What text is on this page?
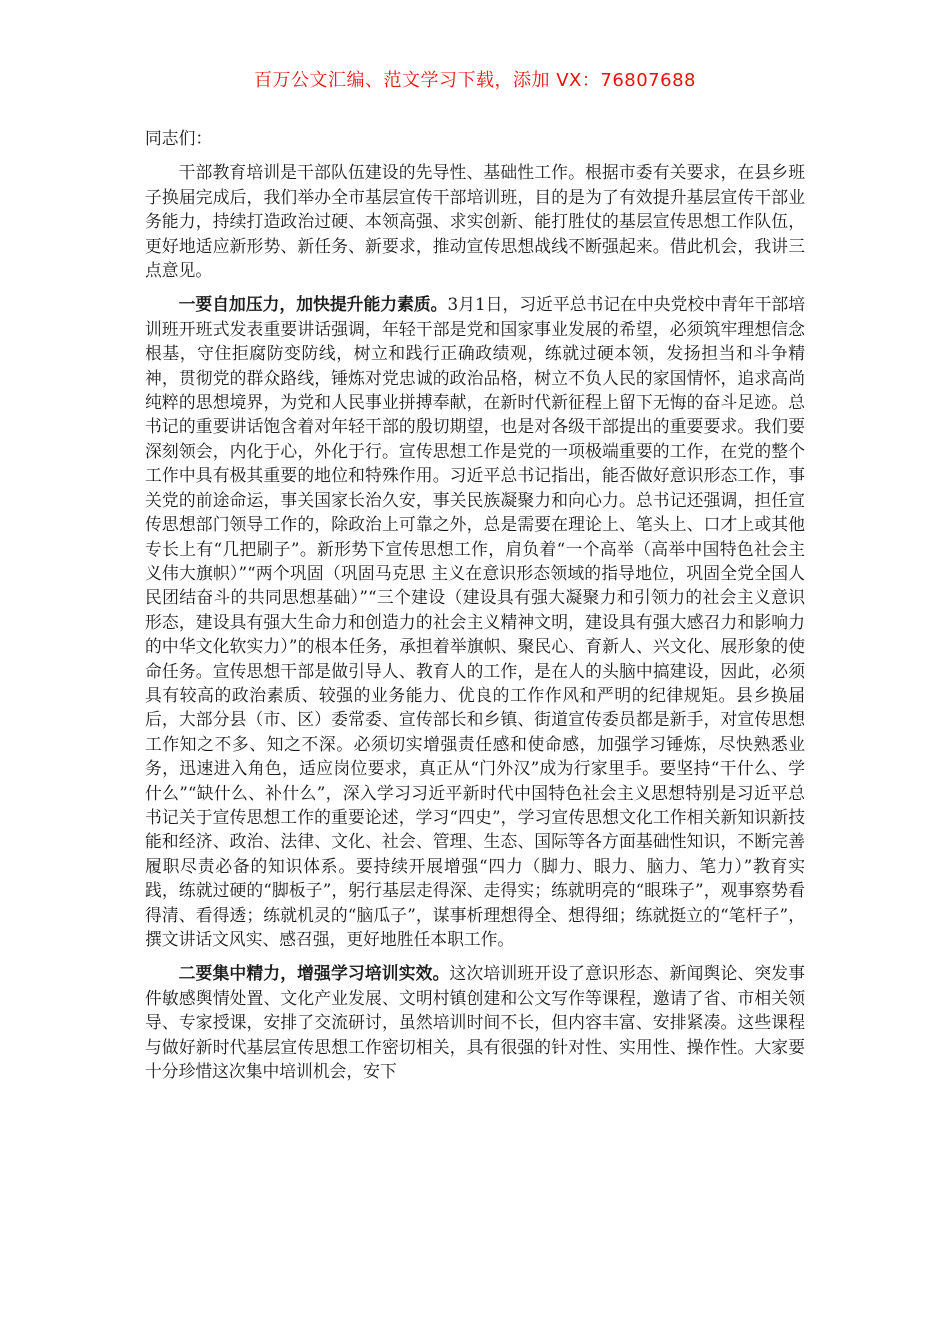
百万公文汇编、范文学习下载，添加 VX：76807688

同志们：

干部教育培训是干部队伍建设的先导性、基础性工作。根据市委有关要求，在县乡班子换届完成后，我们举办全市基层宣传干部培训班，目的是为了有效提升基层宣传干部业务能力，持续打造政治过硬、本领高强、求实创新、能打胜仗的基层宣传思想工作队伍，更好地适应新形势、新任务、新要求，推动宣传思想战线不断强起来。借此机会，我讲三点意见。

一要自加压力，加快提升能力素质。3月1日，习近平总书记在中央党校中青年干部培训班开班式发表重要讲话强调，年轻干部是党和国家事业发展的希望，必须筑牢理想信念根基，守住拒腐防变防线，树立和践行正确政绩观，练就过硬本领，发扬担当和斗争精神，贯彻党的群众路线，锤炼对党忠诚的政治品格，树立不负人民的家国情怀，追求高尚纯粹的思想境界，为党和人民事业拼搏奉献，在新时代新征程上留下无悔的奋斗足迹。总书记的重要讲话饱含着对年轻干部的殷切期望，也是对各级干部提出的重要要求。我们要深刻领会，内化于心，外化于行。宣传思想工作是党的一项极端重要的工作，在党的整个工作中具有极其重要的地位和特殊作用。习近平总书记指出，能否做好意识形态工作，事关党的前途命运，事关国家长治久安，事关民族凝聚力和向心力。总书记还强调，担任宣传思想部门领导工作的，除政治上可靠之外，总是需要在理论上、笔头上、口才上或其他专长上有“几把刷子”。新形势下宣传思想工作，肩负着“一个高举（高举中国特色社会主义伟大旗帜）”“两个巩固（巩固马克思 主义在意识形态领域的指导地位，巩固全党全国人民团结奋斗的共同思想基础）”“三个建设（建设具有强大凝聚力和引领力的社会主义意识形态，建设具有强大生命力和创造力的社会主义精神文明，建设具有强大感召力和影响力的中华文化软实力）”的根本任务，承担着举旗帜、聚民心、育新人、兴文化、展形象的使命任务。宣传思想干部是做引导人、教育人的工作，是在人的头脑中搞建设，因此，必须具有较高的政治素质、较强的业务能力、优良的工作作风和严明的纪律规矩。县乡换届后，大部分县（市、区）委常委、宣传部长和乡镇、街道宣传委员都是新手，对宣传思想工作知之不多、知之不深。必须切实增强责任感和使命感，加强学习锤炼，尽快熟悉业务，迅速进入角色，适应岗位要求，真正从“门外汉”成为行家里手。要坚持“干什么、学什么”“缺什么、补什么”，深入学习习近平新时代中国特色社会主义思想特别是习近平总书记关于宣传思想工作的重要论述，学习“四史”，学习宣传思想文化工作相关新知识新技能和经济、政治、法律、文化、社会、管理、生态、国际等各方面基础性知识，不断完善履职尽责必备的知识体系。要持续开展增强“四力（脚力、眼力、脑力、笔力）”教育实践，练就过硬的“脚板子”，躬行基层走得深、走得实；练就明亮的“眼珠子”，观事察势看得清、看得透；练就机灵的“脑瓜子”，谋事析理想得全、想得细；练就挺立的“笔杆子”，撰文讲话文风实、感召强，更好地胜任本职工作。

二要集中精力，增强学习培训实效。这次培训班开设了意识形态、新闻舆论、突发事件敏感舆情处置、文化产业发展、文明村镇创建和公文写作等课程，邀请了省、市相关领导、专家授课，安排了交流研讨，虽然培训时间不长，但内容丰富、安排紧凑。这些课程与做好新时代基层宣传思想工作密切相关，具有很强的针对性、实用性、操作性。大家要十分珍惜这次集中培训机会，安下
